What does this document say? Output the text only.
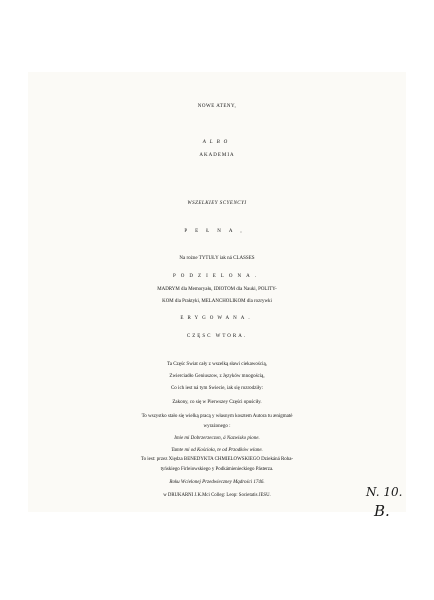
NOWE ATENY,

ALBO

AKADEMIA

WSZELKIEY SCYENCYI

PEŁNA,

Na rożne TYTUŁY iak ná CLASSES

PODZIELONA.

MADRYM dla Memoryału, IDIOTOM dla Nauki, POLITY-

KOM dla Praktyki, MELANCHOLIKOM dla rozrywki

ERYGOWANA.

CZĘSC WTORA.

Ta Częśc Swiat cały z wszelką sławi ciekawością,

Zwierciadło Geniuszow, z Języków mnogością,

Co ich iest ná tym Swiecie, iak się rozrodziły:

Zakony, co się w Pierwszey Części opuściły.

To wszystko stało się wielką pracą y własnym kosztem Autora tu ænigmatè

wyrażonego :

Imie mi Dobrzerzeczon, á Nazwisko pione.

Tamte mi od Kościoła, te od Przodków wlane.

To iest: przez Xiędza BENEDYKTA CHMIELOWSKIEGO Dziekáná Roha-

tyńskiego Firleiowskiego y Podkámienieckiego Pásterza.

Roku Wcielonej Przedwieczney Mądrości 1746.

w DRUKARNI J.K.Mci Colleg: Leop: Societatis JESU.	N. 10.
B.
